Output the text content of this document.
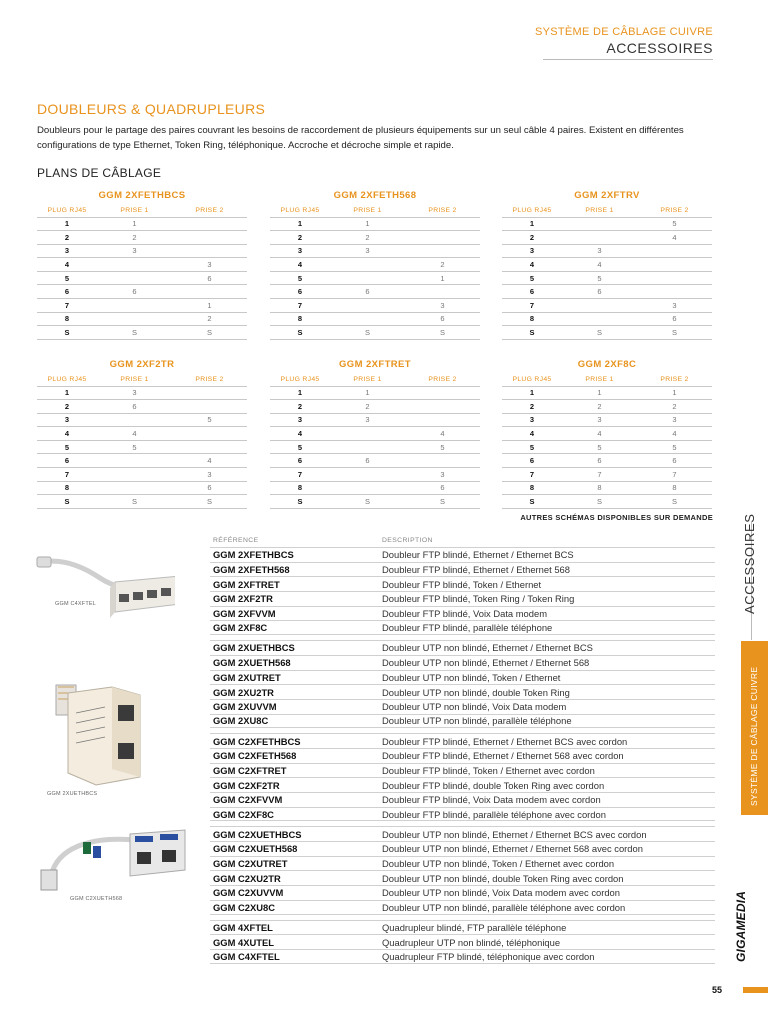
SYSTÈME DE CÂBLAGE CUIVRE
ACCESSOIRES
DOUBLEURS & QUADRUPLEURS
Doubleurs pour le partage des paires couvrant les besoins de raccordement de plusieurs équipements sur un seul câble 4 paires. Existent en différentes
configurations de type Ethernet, Token Ring, téléphonique. Accroche et décroche simple et rapide.
PLANS DE CÂBLAGE
GGM 2XFETHBCS
PLUG RJ45	PRISE 1	PRISE 2
1	1	
2	2	
3	3	
4		3
5		6
6	6	
7		1
8		2
S	S	S
GGM 2XFETH568
PLUG RJ45	PRISE 1	PRISE 2
1	1	
2	2	
3	3	
4		2
5		1
6	6	
7		3
8		6
S	S	S
GGM 2XFTRV
PLUG RJ45	PRISE 1	PRISE 2
1		5
2		4
3	3	
4	4	
5	5	
6	6	
7		3
8		6
S	S	S
GGM 2XF2TR
PLUG RJ45	PRISE 1	PRISE 2
1	3	
2	6	
3		5
4	4	
5	5	
6		4
7		3
8		6
S	S	S
GGM 2XFTRET
PLUG RJ45	PRISE 1	PRISE 2
1	1	
2	2	
3	3	
4		4
5		5
6	6	
7		3
8		6
S	S	S
GGM 2XF8C
PLUG RJ45	PRISE 1	PRISE 2
1	1	1
2	2	2
3	3	3
4	4	4
5	5	5
6	6	6
7	7	7
8	8	8
S	S	S
AUTRES SCHÉMAS DISPONIBLES SUR DEMANDE
RÉFÉRENCE	DESCRIPTION
GGM 2XFETHBCS	Doubleur FTP blindé, Ethernet / Ethernet BCS
GGM 2XFETH568	Doubleur FTP blindé, Ethernet / Ethernet 568
GGM 2XFTRET	Doubleur FTP blindé, Token / Ethernet
GGM 2XF2TR	Doubleur FTP blindé, Token Ring / Token Ring
GGM 2XFVVM	Doubleur FTP blindé, Voix Data modem
GGM 2XF8C	Doubleur FTP blindé, parallèle téléphone
GGM 2XUETHBCS	Doubleur UTP non blindé, Ethernet / Ethernet BCS
GGM 2XUETH568	Doubleur UTP non blindé, Ethernet / Ethernet 568
GGM 2XUTRET	Doubleur UTP non blindé, Token / Ethernet
GGM 2XU2TR	Doubleur UTP non blindé, double Token Ring
GGM 2XUVVM	Doubleur UTP non blindé, Voix Data modem
GGM 2XU8C	Doubleur UTP non blindé, parallèle téléphone
GGM C2XFETHBCS	Doubleur FTP blindé, Ethernet / Ethernet BCS avec cordon
GGM C2XFETH568	Doubleur FTP blindé, Ethernet / Ethernet 568 avec cordon
GGM C2XFTRET	Doubleur FTP blindé, Token / Ethernet avec cordon
GGM C2XF2TR	Doubleur FTP blindé, double Token Ring avec cordon
GGM C2XFVVM	Doubleur FTP blindé, Voix Data modem avec cordon
GGM C2XF8C	Doubleur FTP blindé, parallèle téléphone avec cordon
GGM C2XUETHBCS	Doubleur UTP non blindé, Ethernet / Ethernet BCS avec cordon
GGM C2XUETH568	Doubleur UTP non blindé, Ethernet / Ethernet 568 avec cordon
GGM C2XUTRET	Doubleur UTP non blindé, Token / Ethernet avec cordon
GGM C2XU2TR	Doubleur UTP non blindé, double Token Ring avec cordon
GGM C2XUVVM	Doubleur UTP non blindé, Voix Data modem avec cordon
GGM C2XU8C	Doubleur UTP non blindé, parallèle téléphone avec cordon
GGM 4XFTEL	Quadrupleur blindé, FTP parallèle téléphone
GGM 4XUTEL	Quadrupleur UTP non blindé, téléphonique
GGM C4XFTEL	Quadrupleur FTP blindé, téléphonique avec cordon
GGM C4XFTEL
GGM 2XUETHBCS
GGM C2XUETH568
ACCESSOIRES
SYSTÈME DE CÂBLAGE CUIVRE
GIGAMEDIA
55
